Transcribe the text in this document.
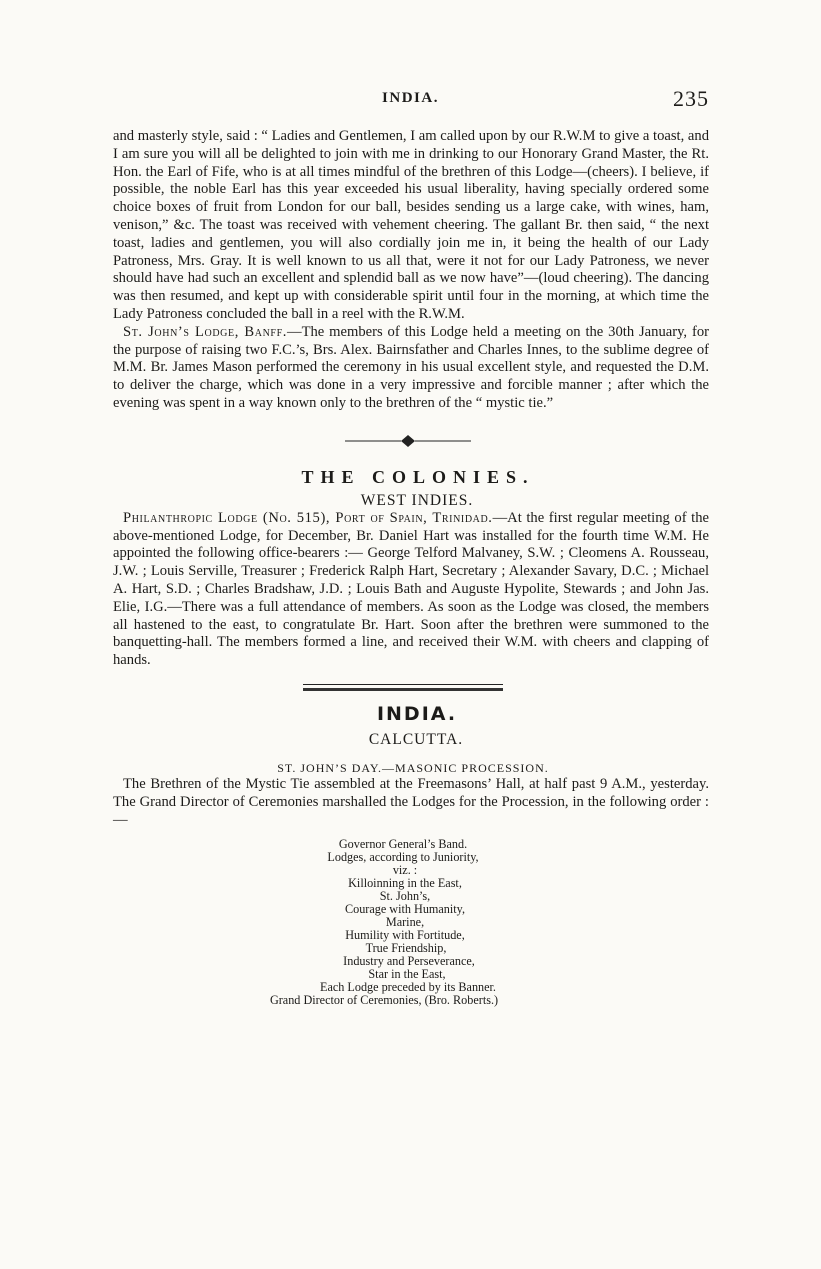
INDIA.	235

and masterly style, said : “ Ladies and Gentlemen, I am called upon by our R.W.M to give a toast, and I am sure you will all be delighted to join with me in drinking to our Honorary Grand Master, the Rt. Hon. the Earl of Fife, who is at all times mindful of the brethren of this Lodge—(cheers). I believe, if possible, the noble Earl has this year exceeded his usual liberality, having specially ordered some choice boxes of fruit from London for our ball, besides sending us a large cake, with wines, ham, venison,” &c. The toast was received with vehement cheering. The gallant Br. then said, “ the next toast, ladies and gentlemen, you will also cordially join me in, it being the health of our Lady Patroness, Mrs. Gray. It is well known to us all that, were it not for our Lady Patroness, we never should have had such an excellent and splendid ball as we now have”—(loud cheering). The dancing was then resumed, and kept up with considerable spirit until four in the morning, at which time the Lady Patroness concluded the ball in a reel with the R.W.M.

St. John’s Lodge, Banff.—The members of this Lodge held a meeting on the 30th January, for the purpose of raising two F.C.’s, Brs. Alex. Bairnsfather and Charles Innes, to the sublime degree of M.M. Br. James Mason performed the ceremony in his usual excellent style, and requested the D.M. to deliver the charge, which was done in a very impressive and forcible manner ; after which the evening was spent in a way known only to the brethren of the “ mystic tie.”

THE COLONIES.
WEST INDIES.

Philanthropic Lodge (No. 515), Port of Spain, Trinidad.—At the first regular meeting of the above-mentioned Lodge, for December, Br. Daniel Hart was installed for the fourth time W.M. He appointed the following office-bearers :— George Telford Malvaney, S.W. ; Cleomens A. Rousseau, J.W. ; Louis Serville, Treasurer ; Frederick Ralph Hart, Secretary ; Alexander Savary, D.C. ; Michael A. Hart, S.D. ; Charles Bradshaw, J.D. ; Louis Bath and Auguste Hypolite, Stewards ; and John Jas. Elie, I.G.—There was a full attendance of members. As soon as the Lodge was closed, the members all hastened to the east, to congratulate Br. Hart. Soon after the brethren were summoned to the banquetting-hall. The members formed a line, and received their W.M. with cheers and clapping of hands.

INDIA.
CALCUTTA.
ST. JOHN’S DAY.—MASONIC PROCESSION.

The Brethren of the Mystic Tie assembled at the Freemasons’ Hall, at half past 9 A.M., yesterday. The Grand Director of Ceremonies marshalled the Lodges for the Procession, in the following order :—

Governor General’s Band.
Lodges, according to Juniority,
viz. :
Killoinning in the East,
St. John’s,
Courage with Humanity,
Marine,
Humility with Fortitude,
True Friendship,
Industry and Perseverance,
Star in the East,
Each Lodge preceded by its Banner.
Grand Director of Ceremonies, (Bro. Roberts.)
